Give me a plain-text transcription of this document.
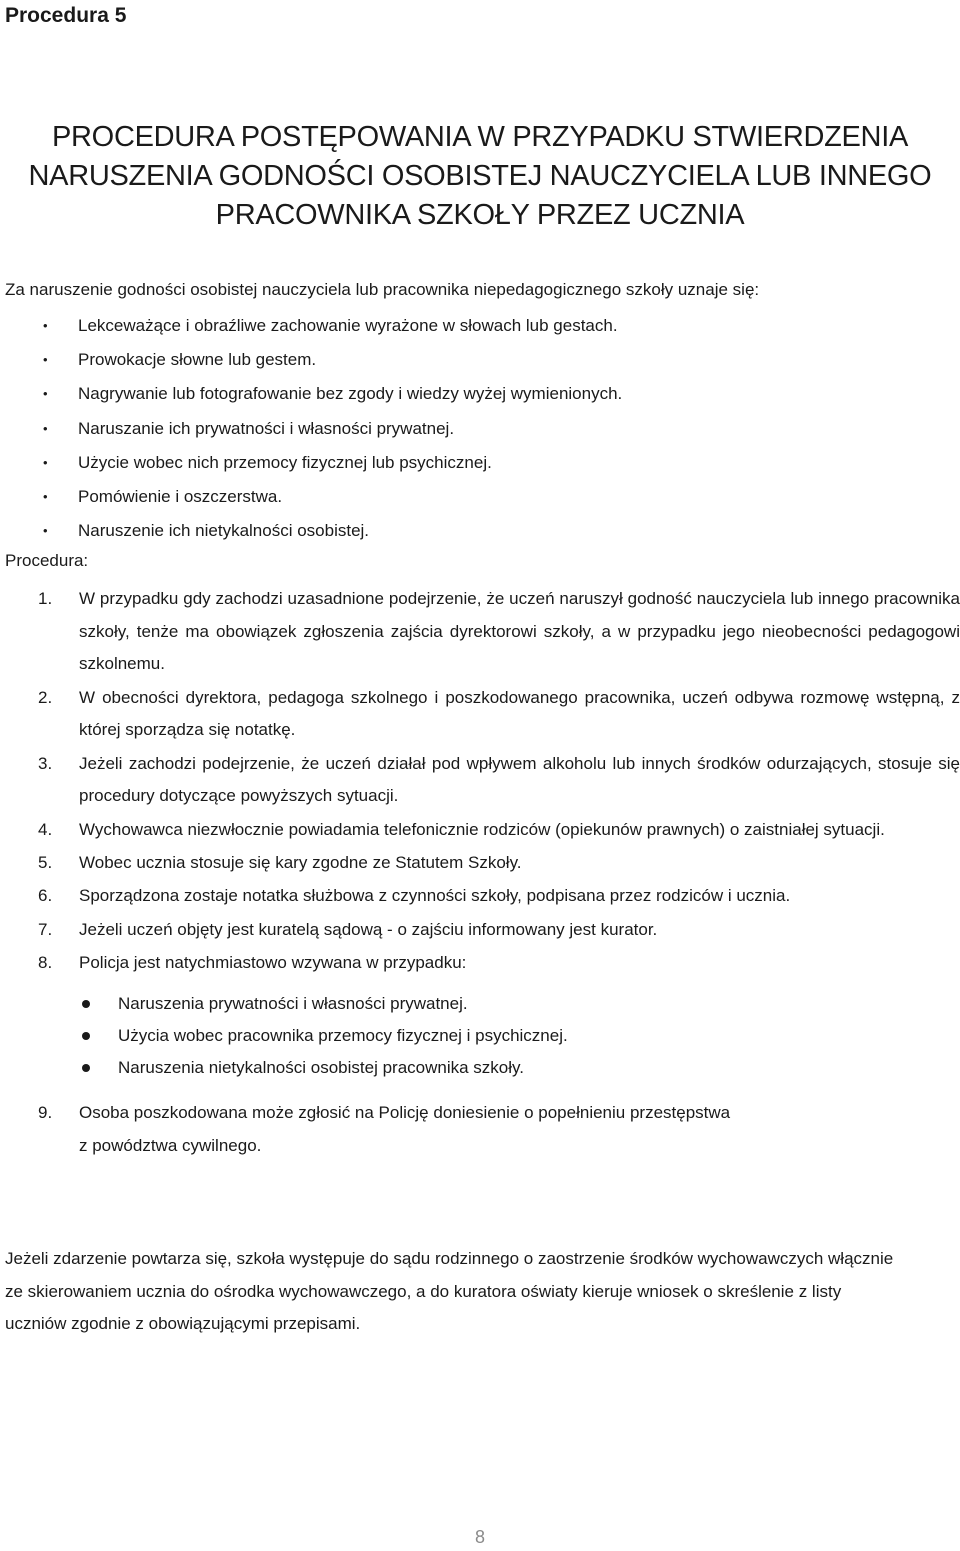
Procedura 5
PROCEDURA POSTĘPOWANIA W PRZYPADKU STWIERDZENIA
NARUSZENIA GODNOŚCI OSOBISTEJ NAUCZYCIELA LUB INNEGO
PRACOWNIKA SZKOŁY PRZEZ UCZNIA

Za naruszenie godności osobistej nauczyciela lub pracownika niepedagogicznego szkoły uznaje się:

• Lekceważące i obraźliwe zachowanie wyrażone w słowach lub gestach.
• Prowokacje słowne lub gestem.
• Nagrywanie lub fotografowanie bez zgody i wiedzy wyżej wymienionych.
• Naruszanie ich prywatności i własności prywatnej.
• Użycie wobec nich przemocy fizycznej lub psychicznej.
• Pomówienie i oszczerstwa.
• Naruszenie ich nietykalności osobistej.

Procedura:

1. W przypadku gdy zachodzi uzasadnione podejrzenie, że uczeń naruszył godność nauczyciela lub innego pracownika szkoły, tenże ma obowiązek zgłoszenia zajścia dyrektorowi szkoły, a w przypadku jego nieobecności pedagogowi szkolnemu.
2. W obecności dyrektora, pedagoga szkolnego i poszkodowanego pracownika, uczeń odbywa rozmowę wstępną, z której sporządza się notatkę.
3. Jeżeli zachodzi podejrzenie, że uczeń działał pod wpływem alkoholu lub innych środków odurzających, stosuje się procedury dotyczące powyższych sytuacji.
4. Wychowawca niezwłocznie powiadamia telefonicznie rodziców (opiekunów prawnych) o zaistniałej sytuacji.
5. Wobec ucznia stosuje się kary zgodne ze Statutem Szkoły.
6. Sporządzona zostaje notatka służbowa z czynności szkoły, podpisana przez rodziców i ucznia.
7. Jeżeli uczeń objęty jest kuratelą sądową - o zajściu informowany jest kurator.
8. Policja jest natychmiastowo wzywana w przypadku:
Naruszenia prywatności i własności prywatnej.
Użycia wobec pracownika przemocy fizycznej i psychicznej.
Naruszenia nietykalności osobistej pracownika szkoły.
9. Osoba poszkodowana może zgłosić na Policję doniesienie o popełnieniu przestępstwa
z powództwa cywilnego.

Jeżeli zdarzenie powtarza się, szkoła występuje do sądu rodzinnego o zaostrzenie środków wychowawczych włącznie ze skierowaniem ucznia do ośrodka wychowawczego, a do kuratora oświaty kieruje wniosek o skreślenie z listy uczniów zgodnie z obowiązującymi przepisami.

8
